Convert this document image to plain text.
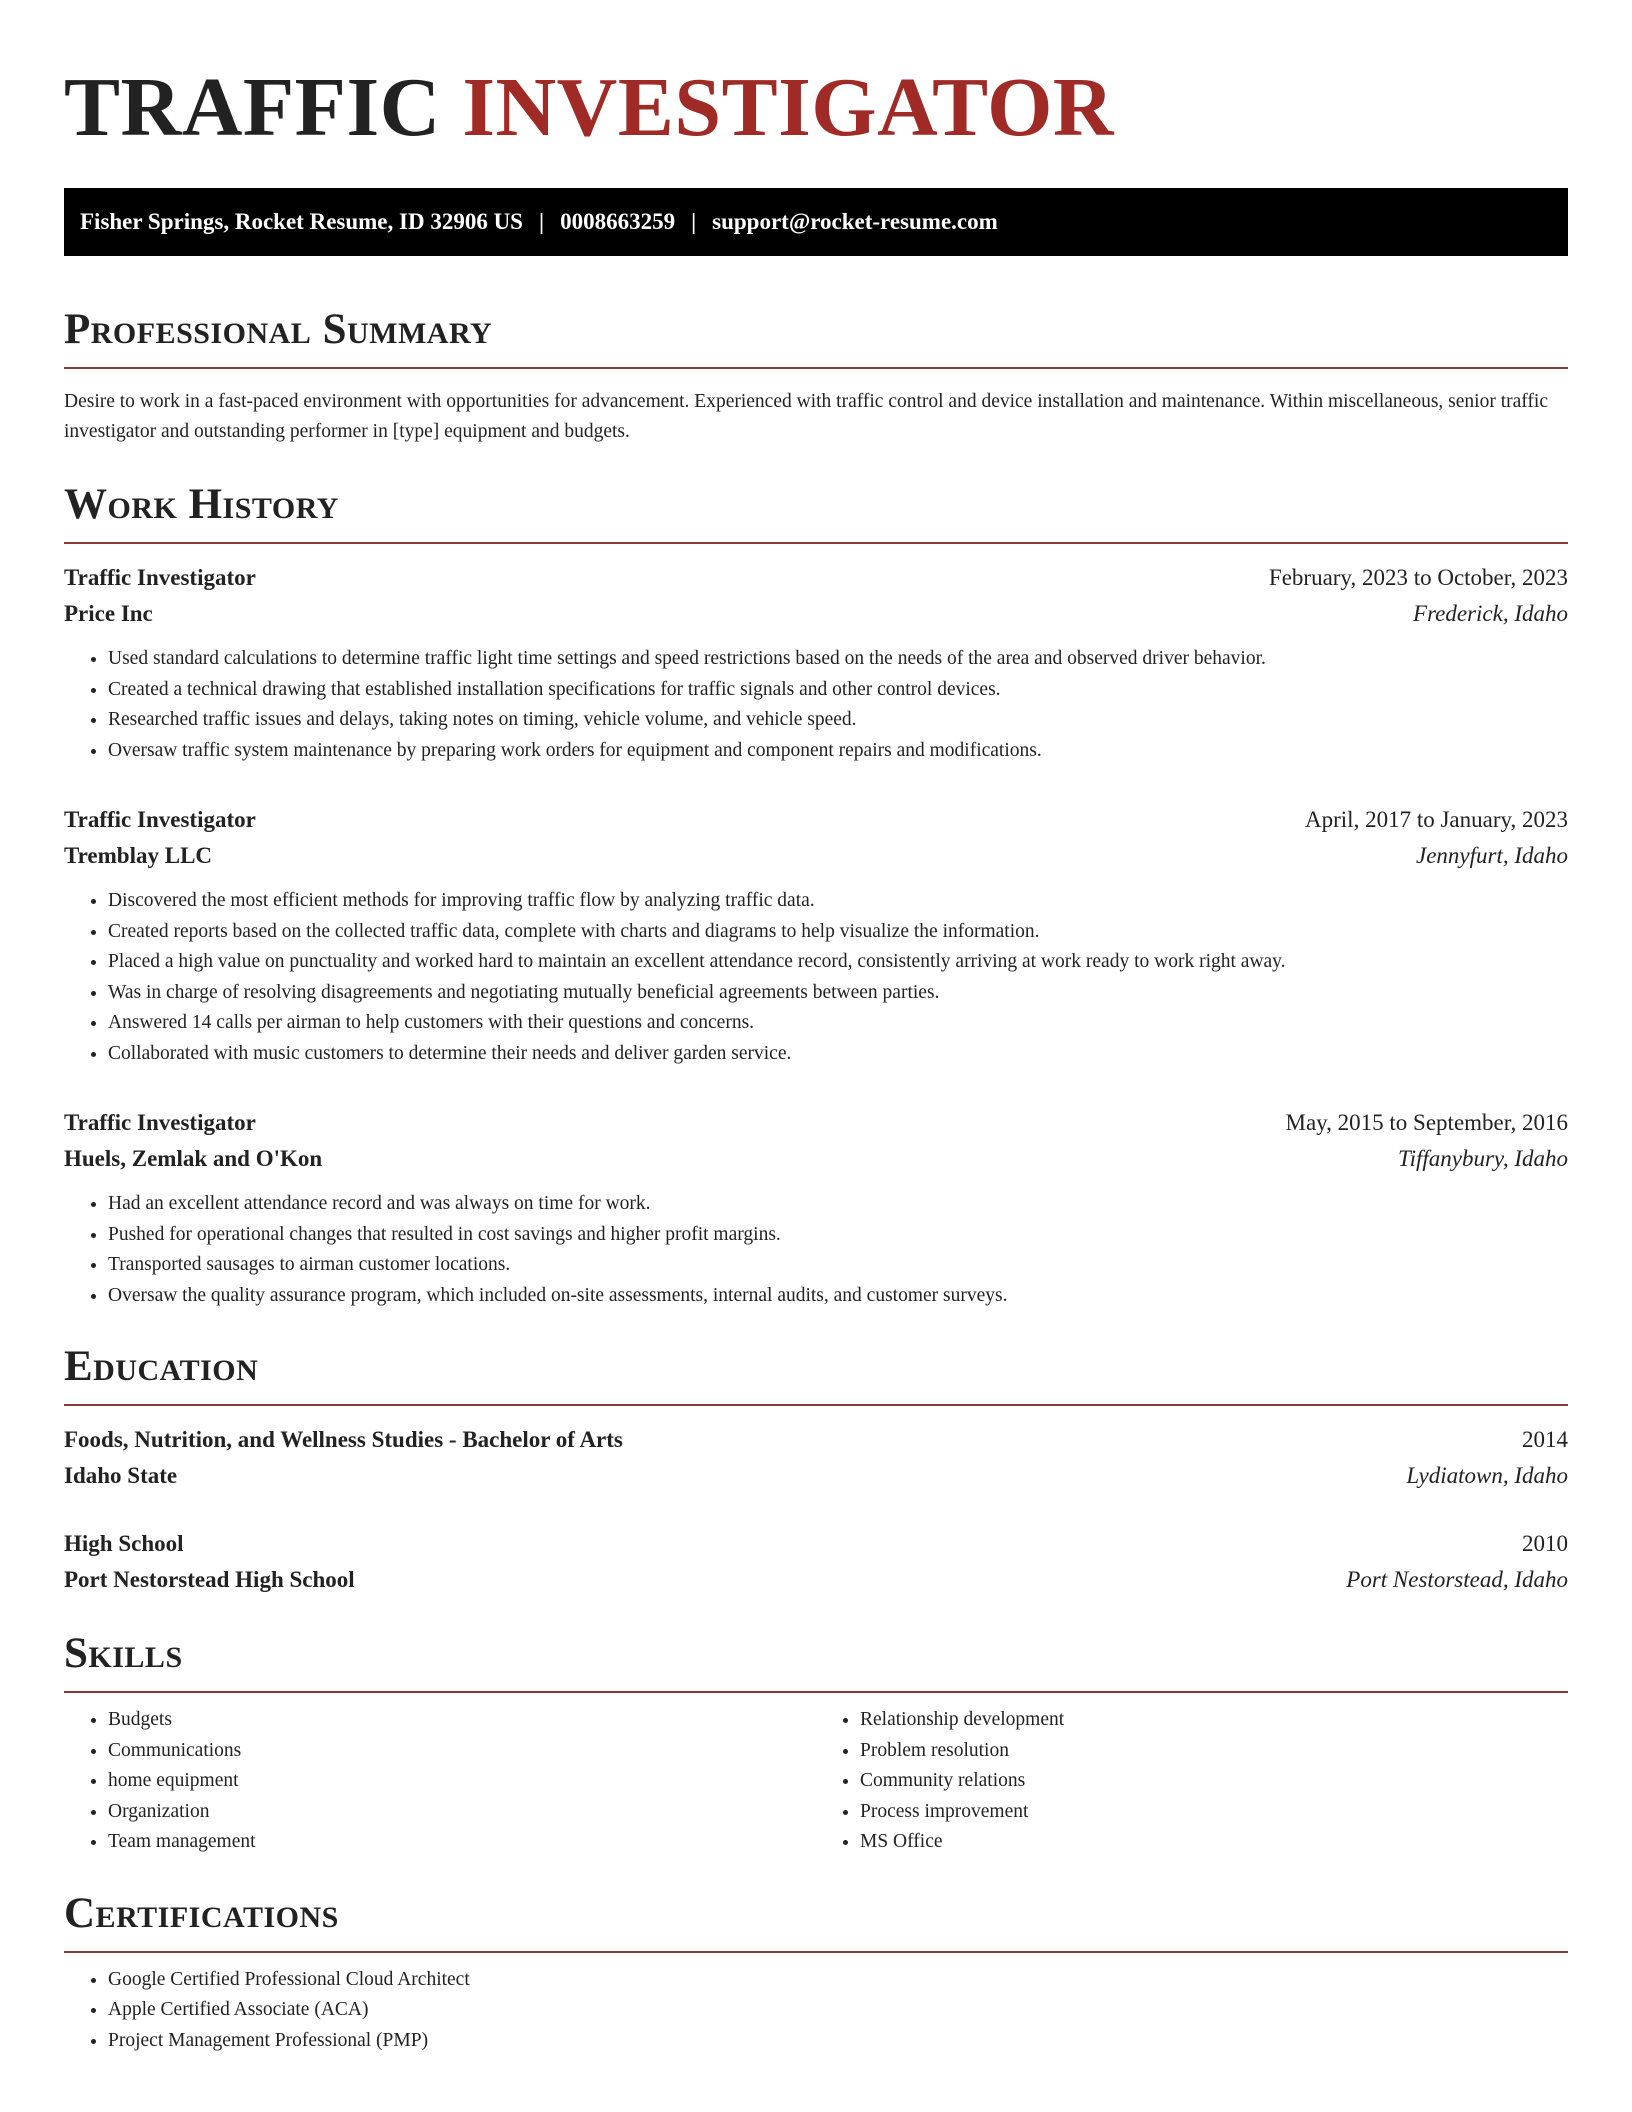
TRAFFIC INVESTIGATOR
Fisher Springs, Rocket Resume, ID 32906 US | 0008663259 | support@rocket-resume.com
Professional Summary

Desire to work in a fast-paced environment with opportunities for advancement. Experienced with traffic control and device installation and maintenance. Within miscellaneous, senior traffic investigator and outstanding performer in [type] equipment and budgets.

Work History
Traffic Investigator	February, 2023 to October, 2023
Price Inc	Frederick, Idaho
• Used standard calculations to determine traffic light time settings and speed restrictions based on the needs of the area and observed driver behavior.
• Created a technical drawing that established installation specifications for traffic signals and other control devices.
• Researched traffic issues and delays, taking notes on timing, vehicle volume, and vehicle speed.
• Oversaw traffic system maintenance by preparing work orders for equipment and component repairs and modifications.
Traffic Investigator	April, 2017 to January, 2023
Tremblay LLC	Jennyfurt, Idaho
• Discovered the most efficient methods for improving traffic flow by analyzing traffic data.
• Created reports based on the collected traffic data, complete with charts and diagrams to help visualize the information.
• Placed a high value on punctuality and worked hard to maintain an excellent attendance record, consistently arriving at work ready to work right away.
• Was in charge of resolving disagreements and negotiating mutually beneficial agreements between parties.
• Answered 14 calls per airman to help customers with their questions and concerns.
• Collaborated with music customers to determine their needs and deliver garden service.
Traffic Investigator	May, 2015 to September, 2016
Huels, Zemlak and O'Kon	Tiffanybury, Idaho
• Had an excellent attendance record and was always on time for work.
• Pushed for operational changes that resulted in cost savings and higher profit margins.
• Transported sausages to airman customer locations.
• Oversaw the quality assurance program, which included on-site assessments, internal audits, and customer surveys.
Education
Foods, Nutrition, and Wellness Studies - Bachelor of Arts	2014
Idaho State	Lydiatown, Idaho
High School	2010
Port Nestorstead High School	Port Nestorstead, Idaho
Skills
• Budgets
• Communications
• home equipment
• Organization
• Team management
• Relationship development
• Problem resolution
• Community relations
• Process improvement
• MS Office
Certifications
• Google Certified Professional Cloud Architect
• Apple Certified Associate (ACA)
• Project Management Professional (PMP)
